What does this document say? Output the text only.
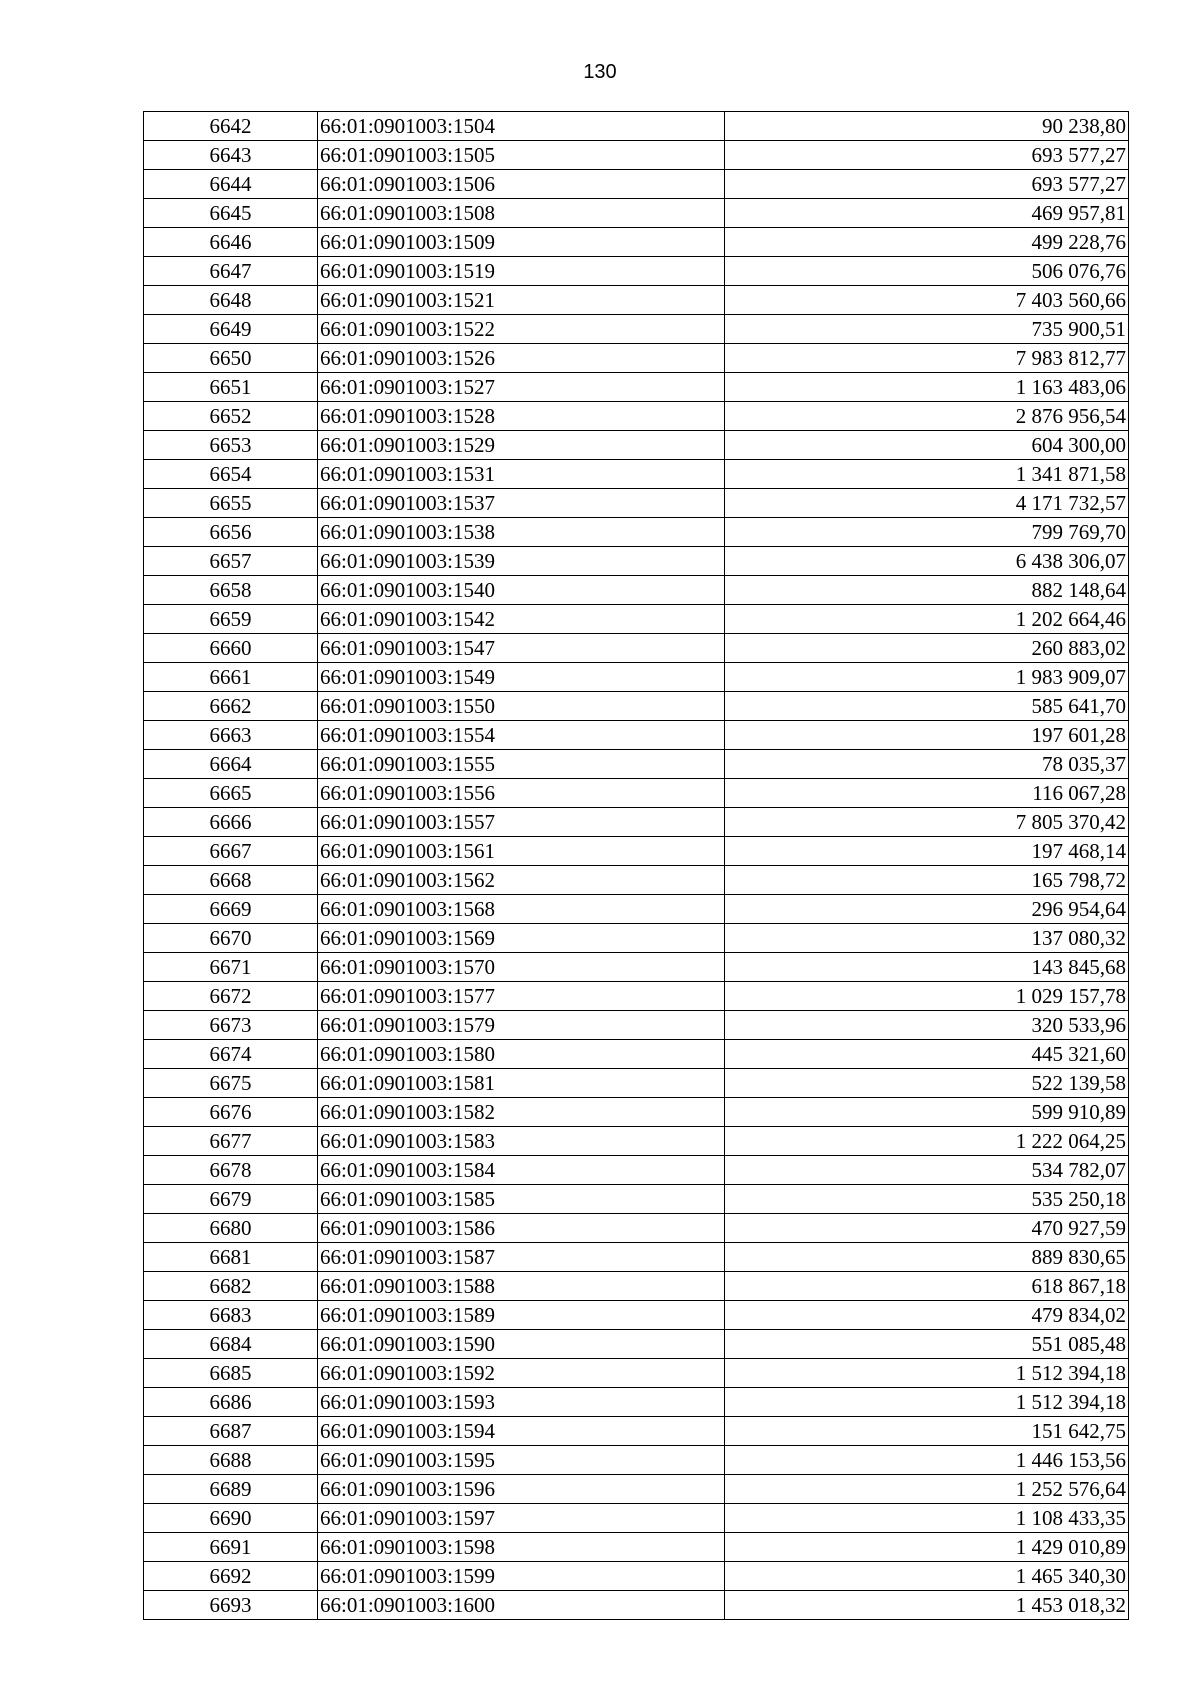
130
6642	66:01:0901003:1504	90 238,80
6643	66:01:0901003:1505	693 577,27
6644	66:01:0901003:1506	693 577,27
6645	66:01:0901003:1508	469 957,81
6646	66:01:0901003:1509	499 228,76
6647	66:01:0901003:1519	506 076,76
6648	66:01:0901003:1521	7 403 560,66
6649	66:01:0901003:1522	735 900,51
6650	66:01:0901003:1526	7 983 812,77
6651	66:01:0901003:1527	1 163 483,06
6652	66:01:0901003:1528	2 876 956,54
6653	66:01:0901003:1529	604 300,00
6654	66:01:0901003:1531	1 341 871,58
6655	66:01:0901003:1537	4 171 732,57
6656	66:01:0901003:1538	799 769,70
6657	66:01:0901003:1539	6 438 306,07
6658	66:01:0901003:1540	882 148,64
6659	66:01:0901003:1542	1 202 664,46
6660	66:01:0901003:1547	260 883,02
6661	66:01:0901003:1549	1 983 909,07
6662	66:01:0901003:1550	585 641,70
6663	66:01:0901003:1554	197 601,28
6664	66:01:0901003:1555	78 035,37
6665	66:01:0901003:1556	116 067,28
6666	66:01:0901003:1557	7 805 370,42
6667	66:01:0901003:1561	197 468,14
6668	66:01:0901003:1562	165 798,72
6669	66:01:0901003:1568	296 954,64
6670	66:01:0901003:1569	137 080,32
6671	66:01:0901003:1570	143 845,68
6672	66:01:0901003:1577	1 029 157,78
6673	66:01:0901003:1579	320 533,96
6674	66:01:0901003:1580	445 321,60
6675	66:01:0901003:1581	522 139,58
6676	66:01:0901003:1582	599 910,89
6677	66:01:0901003:1583	1 222 064,25
6678	66:01:0901003:1584	534 782,07
6679	66:01:0901003:1585	535 250,18
6680	66:01:0901003:1586	470 927,59
6681	66:01:0901003:1587	889 830,65
6682	66:01:0901003:1588	618 867,18
6683	66:01:0901003:1589	479 834,02
6684	66:01:0901003:1590	551 085,48
6685	66:01:0901003:1592	1 512 394,18
6686	66:01:0901003:1593	1 512 394,18
6687	66:01:0901003:1594	151 642,75
6688	66:01:0901003:1595	1 446 153,56
6689	66:01:0901003:1596	1 252 576,64
6690	66:01:0901003:1597	1 108 433,35
6691	66:01:0901003:1598	1 429 010,89
6692	66:01:0901003:1599	1 465 340,30
6693	66:01:0901003:1600	1 453 018,32
